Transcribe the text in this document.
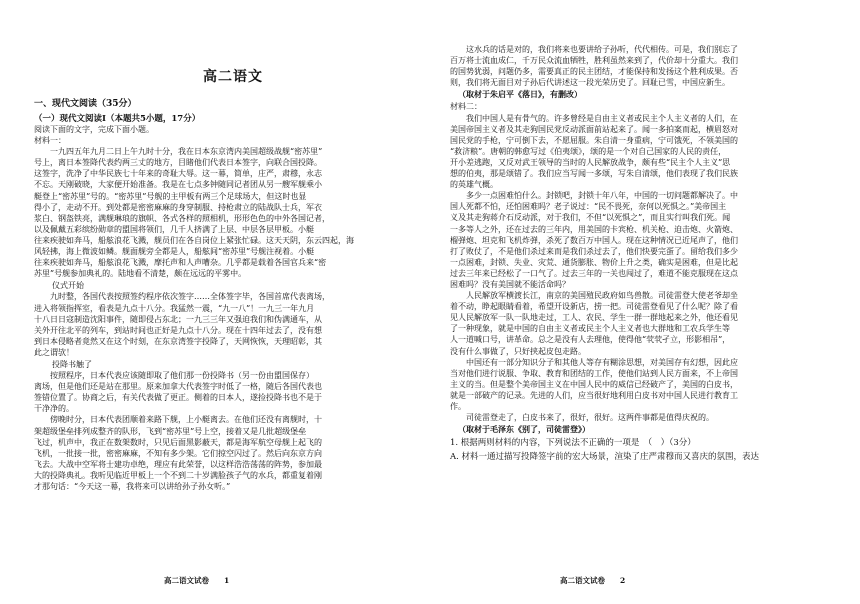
高二语文
一、现代文阅读（35分）
（一）现代文阅读Ⅰ（本题共5小题，17分）

阅读下面的文字，完成下面小题。

材料一：

一九四五年九月二日上午九时十分，我在日本东京湾内美国超级战舰“密苏里”

号上，离日本签降代表约两三丈的地方，目睹他们代表日本签字，向联合国投降。

这签字，洗净了中华民族七十年来的奇耻大辱。这一幕，简单，庄严，肃穆，永志

不忘。天刚破晓，大家便开始准备。我是在七点多钟随同记者团从另一艘军舰乘小

艇登上“密苏里”号的。“密苏里”号舰的主甲板有两三个足球场大，但这时也显

得小了，走动不开。到处都是密密麻麻的身穿制服、持枪肃立的陆战队士兵，军衣

浆白、钢盔铁亮，满舰琳琅的旗帜、各式各样的照相机，形形色色的中外各国记者，

以及佩戴五彩缤纷勋章的盟国将领们，几千人挤满了上层、中层各层甲板。小艇

往来疾驶如奔马，船舷浪花飞溅，舰员们在各自岗位上紧张忙碌。这天天阴，东云四起，海

风轻拂，海上微波如鳞。舰面舰旁全都是人，船舷间“密苏里”号舰注视着。小艇

往来疾驶如奔马，船舷浪花飞溅，摩托声和人声嘈杂。几乎都是载着各国官兵来“密

苏里”号舰参加典礼的。陆地看不清楚，颇在远远的平雾中。

仪式开始

九时整，各国代表按照签约程序依次签字……全体签字毕，各国首席代表离场，

进入将领指挥室，看表是九点十八分。我猛然一震，“九一八”！一九三一年九月

十八日日寇制造沈阳事件，随即侵占东北；一九三三年又强迫我们和伪满通车，从

关外开往北平的列车，到站时间也正好是九点十八分。现在十四年过去了，没有想

到日本侵略者竟然又在这个时刻，在东京湾签字投降了，天网恢恢，天理昭彰，其

此之谓欤！

投降书触了

按照程序，日本代表应该随即取了他们那一份投降书（另一份由盟国保存）

离场，但是他们还是站在那里。原来加拿大代表签字时低了一格，随后各国代表也

签错位置了。协商之后，有关代表做了更正。侧着的日本人，遂捡投降书也不是于

干净净的。

傍晚时分，日本代表团顺着来路下舰，上小艇离去。在他们还没有离舰时，十

架超级堡垒排列成整齐的队形，飞到“密苏里”号上空，接着又是几批超级堡垒

飞过，机声中，我正在数架数时，只见后面黑影蔽天，都是海军航空母舰上起飞的

飞机，一批接一批，密密麻麻，不知有多少架。它们掠空闪过了。然后向东京方向

飞去。大战中空军将士建功卓绝，理应有此荣誉，以这样浩浩荡荡的阵势，参加最

大的投降典礼。我听见临近甲板上一个不到二十岁满脸孩子气的水兵，都重复着刚

才那句话：“今天这一幕，我将来可以讲给孙子孙女听。”

高二语文试卷　　1

这水兵的话是对的，我们将来也要讲给子孙听，代代相传。可是，我们别忘了

百万将士流血成仁，千万民众流血牺牲，胜利虽然来到了，代价却十分重大。我们

的国势犹弱，问题仍多，需要真正的民主团结，才能保持和发扬这个胜利成果。否

则，我们将无面目对子孙后代讲述这一段光荣历史了。回耻已雪，中国应新生。

（取材于朱启平《落日》，有删改）

材料二：

我们中国人是有骨气的。许多曾经是自由主义者或民主个人主义者的人们，在

美国帝国主义者及其走狗国民党反动派面前站起来了。闻一多拍案而起，横眉怒对

国民党的手枪，宁可倒下去，不愿屈服。朱自清一身重病，宁可饿死，不领美国的

“救济粮”。唐朝的韩愈写过《伯夷颂》，颂的是一个对自己国家的人民的责任，

开小差逃跑，又反对武王领导的当时的人民解放战争，颇有些“民主个人主义”思

想的伯夷，那是颂错了。我们应当写闻一多颂，写朱自清颂，他们表现了我们民族

的英雄气概。

多少一点困难怕什么。封锁吧，封锁十年八年，中国的一切问题都解决了。中

国人死都不怕，还怕困难吗？老子说过：“民不畏死，奈何以死惧之。”美帝国主

义及其走狗蒋介石反动派，对于我们，不但“以死惧之”，而且实行叫我们死。闻

一多等人之外，还在过去的三年内，用美国的卡宾枪、机关枪、迫击炮、火箭炮、

榴弹炮、坦克和飞机炸弹，杀死了数百万中国人。现在这种情况已近尾声了，他们

打了败仗了，不是他们杀过来而是我们杀过去了，他们快要完蛋了。留给我们多少

一点困难，封锁、失业、灾荒、通货膨胀、物价上升之类，确实是困难，但是比起

过去三年来已经松了一口气了。过去三年的一关也闯过了，难道不能克服现在这点

困难吗？没有美国就不能活命吗？

人民解放军横渡长江，南京的美国殖民政府如鸟兽散。司徒雷登大使老爷却坐

着不动，睁起眼睛看着，希望开设新店，捞一把。司徒雷登看见了什么呢？除了看

见人民解放军一队一队地走过，工人、农民、学生一群一群地起来之外，他还看见

了一种现象，就是中国的自由主义者或民主个人主义者也大群地和工农兵学生等

人一道喊口号，讲革命。总之是没有人去理他，使得他“茕茕孑立，形影相吊”，

没有什么事做了，只好挟起皮包走路。

中国还有一部分知识分子和其他人等存有糊涂思想，对美国存有幻想，因此应

当对他们进行说服、争取、教育和团结的工作，使他们站到人民方面来，不上帝国

主义的当。但是整个美帝国主义在中国人民中的威信已经破产了，美国的白皮书，

就是一部破产的记录。先进的人们，应当很好地利用白皮书对中国人民进行教育工

作。

司徒雷登走了，白皮书来了，很好，很好。这两件事都是值得庆祝的。

（取材于毛泽东《别了，司徒雷登》）

1. 根据两则材料的内容，下列说法不正确的一项是　（　）（3分）

A. 材料一通过描写投降签字前的宏大场景，渲染了庄严肃穆而又喜庆的氛围，表达

高二语文试卷　　2
